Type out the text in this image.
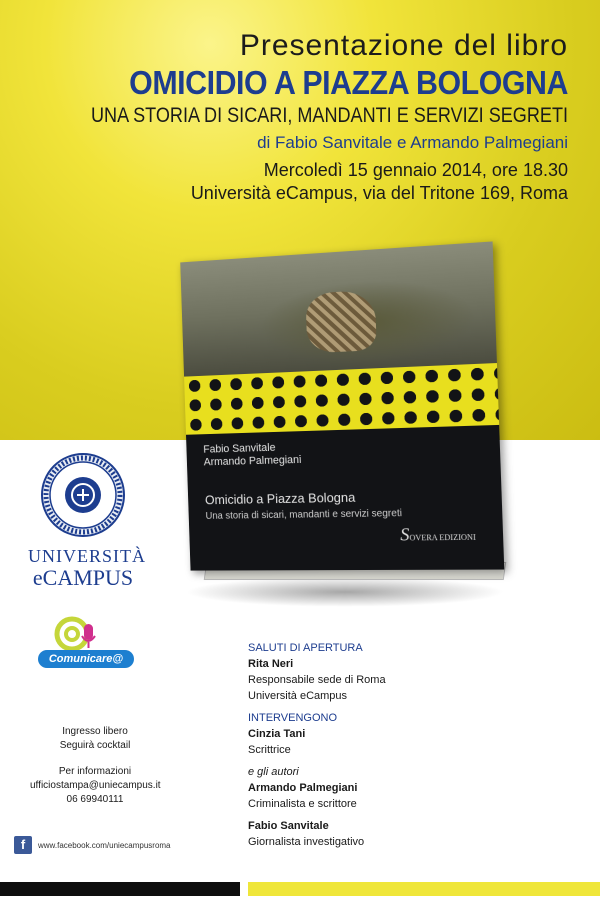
Presentazione del libro
OMICIDIO A PIAZZA BOLOGNA
UNA STORIA DI SICARI, MANDANTI E SERVIZI SEGRETI
di Fabio Sanvitale e Armando Palmegiani
Mercoledì 15 gennaio 2014, ore 18.30
Università eCampus, via del Tritone 169, Roma
Fabio Sanvitale
Armando Palmegiani
Omicidio a Piazza Bologna
Una storia di sicari, mandanti e servizi segreti
SOVERA EDIZIONI
UNIVERSITÀ
eCAMPUS
Comunicare@
Ingresso libero
Seguirà cocktail
Per informazioni
ufficiostampa@uniecampus.it
06 69940111
f	www.facebook.com/uniecampusroma
SALUTI DI APERTURA
Rita Neri
Responsabile sede di Roma
Università eCampus
INTERVENGONO
Cinzia Tani
Scrittrice
e gli autori
Armando Palmegiani
Criminalista e scrittore
Fabio Sanvitale
Giornalista investigativo
